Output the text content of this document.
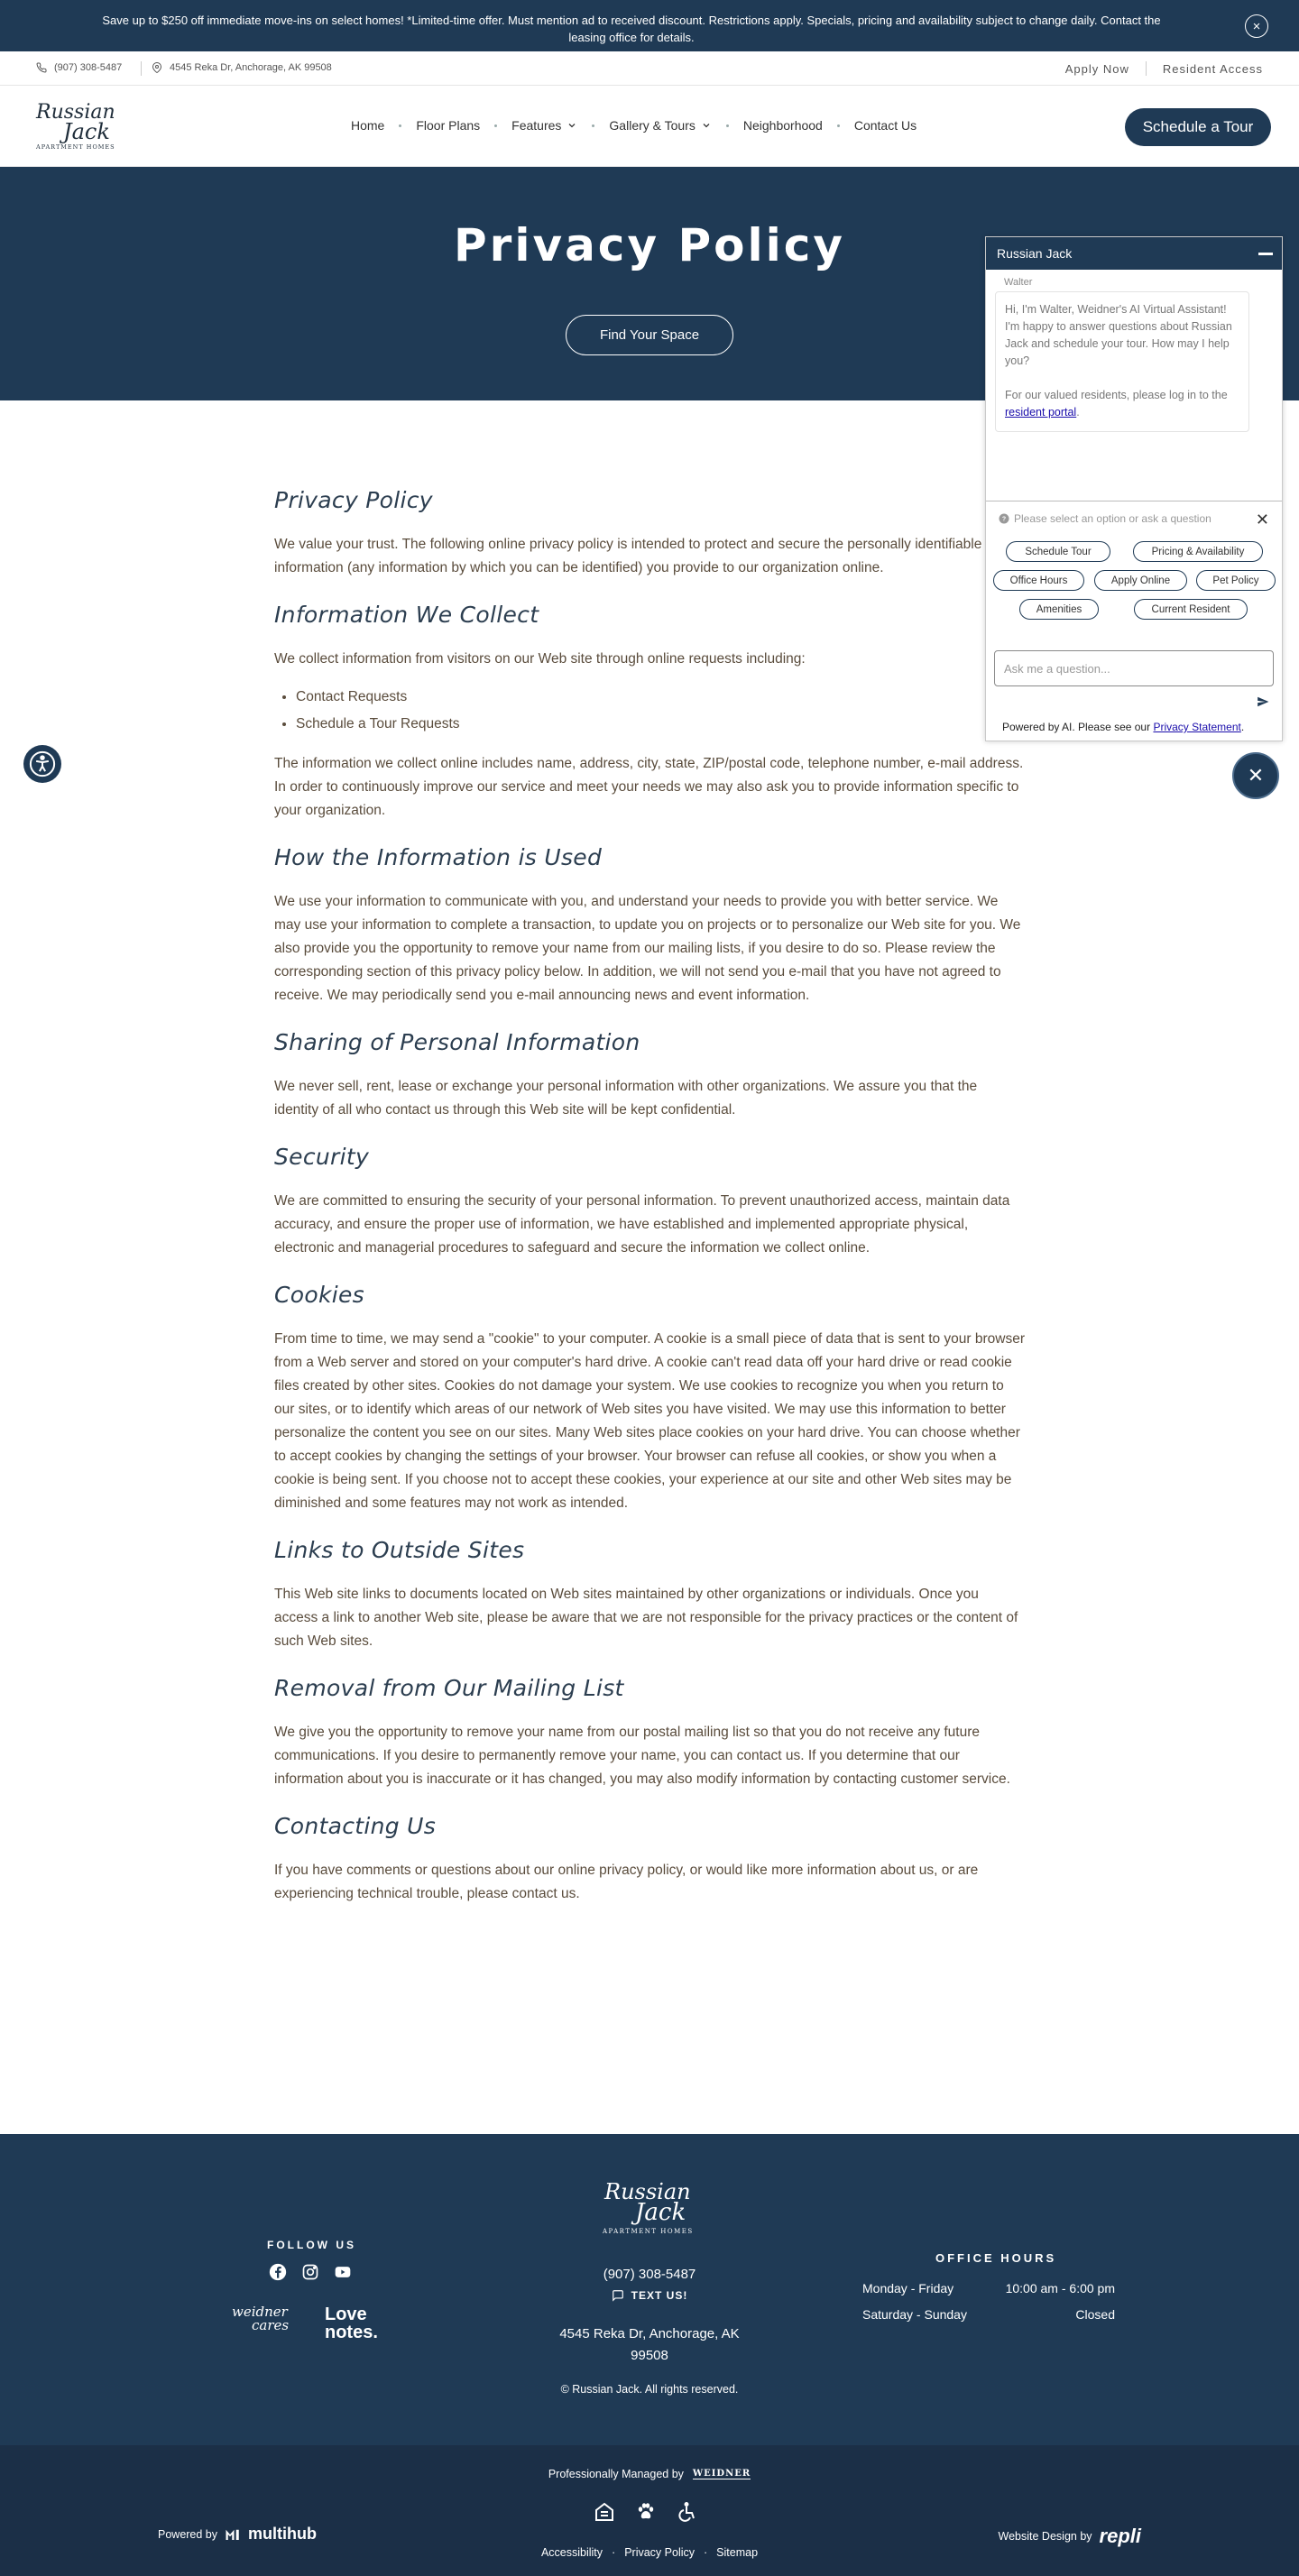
Save up to $250 off immediate move-ins on select homes! *Limited-time offer. Must mention ad to received discount. Restrictions apply. Specials, pricing and availability subject to change daily. Contact the leasing office for details.
×
(907) 308-5487	4545 Reka Dr, Anchorage, AK 99508	Apply Now	Resident Access
Russian
Jack
APARTMENT HOMES
Home	Floor Plans	Features	Gallery & Tours	Neighborhood	Contact Us	Schedule a Tour
Privacy Policy
Find Your Space
Privacy Policy

We value your trust. The following online privacy policy is intended to protect and secure the personally identifiable information (any information by which you can be identified) you provide to our organization online.

Information We Collect

We collect information from visitors on our Web site through online requests including:

• Contact Requests
• Schedule a Tour Requests

The information we collect online includes name, address, city, state, ZIP/postal code, telephone number, e-mail address. In order to continuously improve our service and meet your needs we may also ask you to provide information specific to your organization.

How the Information is Used

We use your information to communicate with you, and understand your needs to provide you with better service. We may use your information to complete a transaction, to update you on projects or to personalize our Web site for you. We also provide you the opportunity to remove your name from our mailing lists, if you desire to do so. Please review the corresponding section of this privacy policy below. In addition, we will not send you e-mail that you have not agreed to receive. We may periodically send you e-mail announcing news and event information.

Sharing of Personal Information

We never sell, rent, lease or exchange your personal information with other organizations. We assure you that the identity of all who contact us through this Web site will be kept confidential.

Security

We are committed to ensuring the security of your personal information. To prevent unauthorized access, maintain data accuracy, and ensure the proper use of information, we have established and implemented appropriate physical, electronic and managerial procedures to safeguard and secure the information we collect online.

Cookies

From time to time, we may send a "cookie" to your computer. A cookie is a small piece of data that is sent to your browser from a Web server and stored on your computer's hard drive. A cookie can't read data off your hard drive or read cookie files created by other sites. Cookies do not damage your system. We use cookies to recognize you when you return to our sites, or to identify which areas of our network of Web sites you have visited. We may use this information to better personalize the content you see on our sites. Many Web sites place cookies on your hard drive. You can choose whether to accept cookies by changing the settings of your browser. Your browser can refuse all cookies, or show you when a cookie is being sent. If you choose not to accept these cookies, your experience at our site and other Web sites may be diminished and some features may not work as intended.

Links to Outside Sites

This Web site links to documents located on Web sites maintained by other organizations or individuals. Once you access a link to another Web site, please be aware that we are not responsible for the privacy practices or the content of such Web sites.

Removal from Our Mailing List

We give you the opportunity to remove your name from our postal mailing list so that you do not receive any future communications. If you desire to permanently remove your name, you can contact us. If you determine that our information about you is inaccurate or it has changed, you may also modify information by contacting customer service.

Contacting Us

If you have comments or questions about our online privacy policy, or would like more information about us, or are experiencing technical trouble, please contact us.

Russian Jack
Walter
Hi, I'm Walter, Weidner's AI Virtual Assistant! I'm happy to answer questions about Russian Jack and schedule your tour. How may I help you?
For our valued residents, please log in to the resident portal.
? Please select an option or ask a question	✕
Schedule Tour	Pricing & Availability
Office Hours	Apply Online	Pet Policy
Amenities	Current Resident
Ask me a question...
Powered by AI. Please see our Privacy Statement.
✕
FOLLOW US
weidner
cares
Love
notes.
Russian
Jack
APARTMENT HOMES
(907) 308-5487
TEXT US!
4545 Reka Dr, Anchorage, AK 99508
© Russian Jack. All rights reserved.
OFFICE HOURS
Monday - Friday	10:00 am - 6:00 pm
Saturday - Sunday	Closed
Professionally Managed by WEIDNER
Powered by multihub
Accessibility · Privacy Policy · Sitemap
Website Design by repli
